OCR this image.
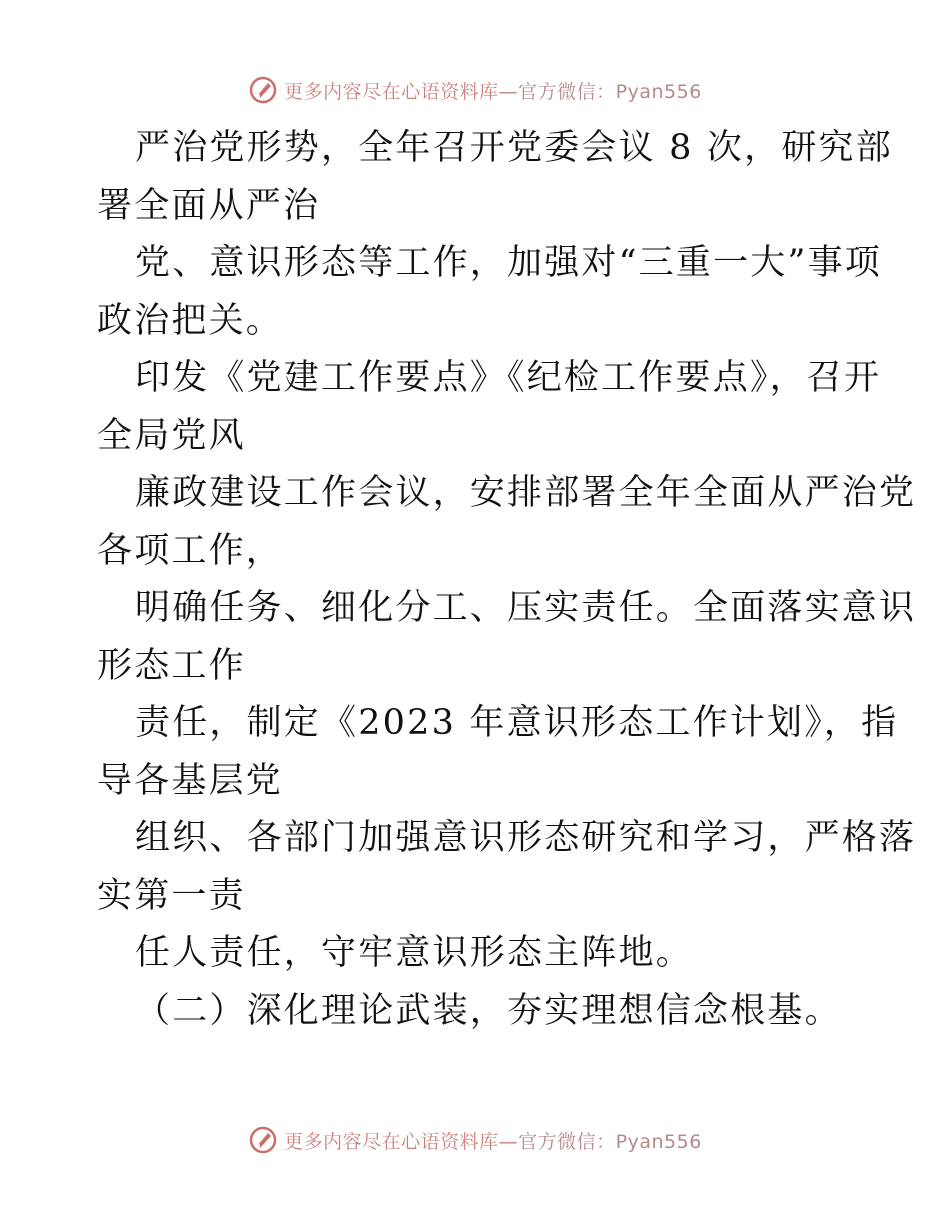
更多内容尽在心语资料库—官方微信：Pyan556
严治党形势，全年召开党委会议 8 次，研究部
署全面从严治
党、意识形态等工作，加强对“三重一大”事项
政治把关。
印发《党建工作要点》《纪检工作要点》，召开
全局党风
廉政建设工作会议，安排部署全年全面从严治党
各项工作，
明确任务、细化分工、压实责任。全面落实意识
形态工作
责任，制定《2023 年意识形态工作计划》，指
导各基层党
组织、各部门加强意识形态研究和学习，严格落
实第一责
任人责任，守牢意识形态主阵地。
（二）深化理论武装，夯实理想信念根基。
更多内容尽在心语资料库—官方微信：Pyan556
